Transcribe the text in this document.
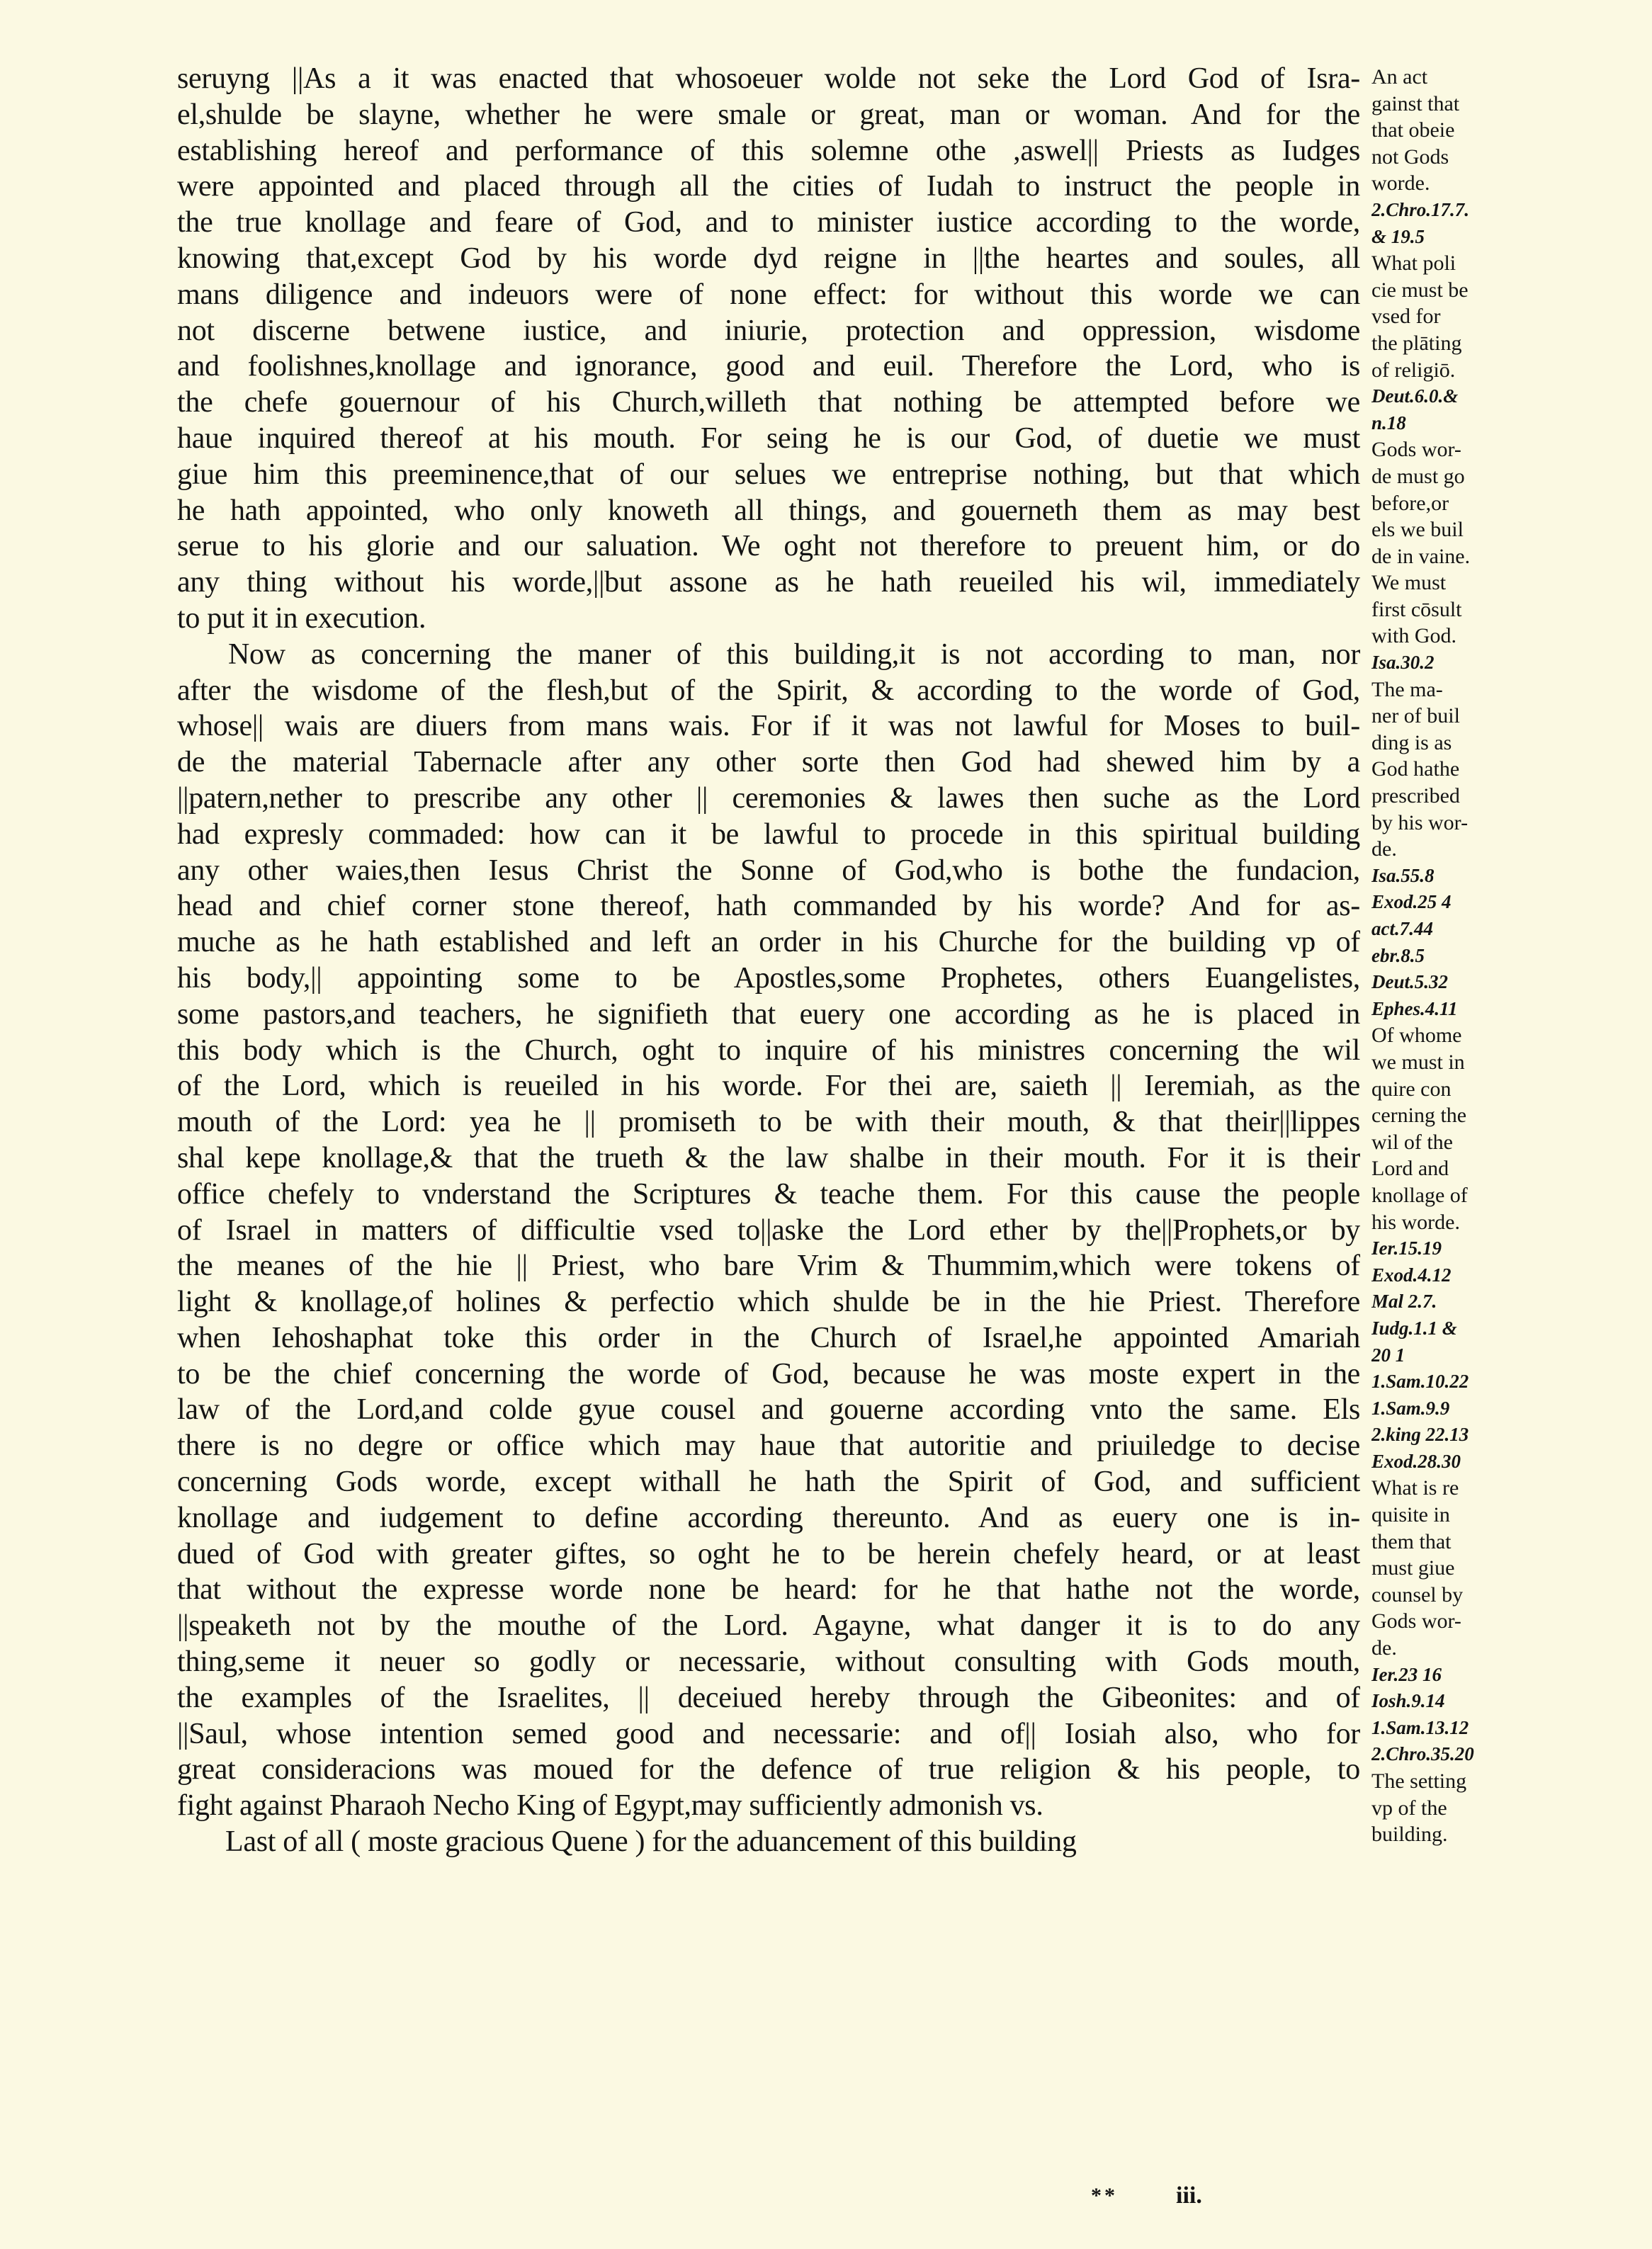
seruyng ||As a it was enacted that whosoeuer wolde not seke the Lord God of Isra-
el,shulde be slayne, whether he were smale or great, man or woman. And for the
establishing hereof and performance of this solemne othe ,aswel|| Priests as Iudges
were appointed and placed through all the cities of Iudah to instruct the people in
the true knollage and feare of God, and to minister iustice according to the worde,
knowing that,except God by his worde dyd reigne in ||the heartes and soules, all
mans diligence and indeuors were of none effect: for without this worde we can
not discerne betwene iustice, and iniurie, protection and oppression, wisdome
and foolishnes,knollage and ignorance, good and euil. Therefore the Lord, who is
the chefe gouernour of his Church,willeth that nothing be attempted before we
haue inquired thereof at his mouth. For seing he is our God, of duetie we must
giue him this preeminence,that of our selues we entreprise nothing, but that which
he hath appointed, who only knoweth all things, and gouerneth them as may best
serue to his glorie and our saluation. We oght not therefore to preuent him, or do
any thing without his worde,||but assone as he hath reueiled his wil, immediately
to put it in execution.
Now as concerning the maner of this building,it is not according to man, nor
after the wisdome of the flesh,but of the Spirit, & according to the worde of God,
whose|| wais are diuers from mans wais. For if it was not lawful for Moses to buil-
de the material Tabernacle after any other sorte then God had shewed him by a
||patern,nether to prescribe any other || ceremonies & lawes then suche as the Lord
had expresly commaded: how can it be lawful to procede in this spiritual building
any other waies,then Iesus Christ the Sonne of God,who is bothe the fundacion,
head and chief corner stone thereof, hath commanded by his worde? And for as-
muche as he hath established and left an order in his Churche for the building vp of
his body,|| appointing some to be Apostles,some Prophetes, others Euangelistes,
some pastors,and teachers, he signifieth that euery one according as he is placed in
this body which is the Church, oght to inquire of his ministres concerning the wil
of the Lord, which is reueiled in his worde. For thei are, saieth || Ieremiah, as the
mouth of the Lord: yea he || promiseth to be with their mouth, & that their||lippes
shal kepe knollage,& that the trueth & the law shalbe in their mouth. For it is their
office chefely to vnderstand the Scriptures & teache them. For this cause the people
of Israel in matters of difficultie vsed to||aske the Lord ether by the||Prophets,or by
the meanes of the hie || Priest, who bare Vrim & Thummim,which were tokens of
light & knollage,of holines & perfectio which shulde be in the hie Priest. Therefore
when Iehoshaphat toke this order in the Church of Israel,he appointed Amariah
to be the chief concerning the worde of God, because he was moste expert in the
law of the Lord,and colde gyue cousel and gouerne according vnto the same. Els
there is no degre or office which may haue that autoritie and priuiledge to decise
concerning Gods worde, except withall he hath the Spirit of God, and sufficient
knollage and iudgement to define according thereunto. And as euery one is in-
dued of God with greater giftes, so oght he to be herein chefely heard, or at least
that without the expresse worde none be heard: for he that hathe not the worde,
||speaketh not by the mouthe of the Lord. Agayne, what danger it is to do any
thing,seme it neuer so godly or necessarie, without consulting with Gods mouth,
the examples of the Israelites, || deceiued hereby through the Gibeonites: and of
||Saul, whose intention semed good and necessarie: and of|| Iosiah also, who for
great consideracions was moued for the defence of true religion & his people, to
fight against Pharaoh Necho King of Egypt,may sufficiently admonish vs.
Last of all ( moste gracious Quene ) for the aduancement of this building
An act
gainst that
that obeie
not Gods
worde.
2.Chro.17.7.
& 19.5
What poli
cie must be
vsed for
the plāting
of religiō.
Deut.6.0.&
n.18
Gods wor-
de must go
before,or
els we buil
de in vaine.
We must
first cōsult
with God.
Isa.30.2
The ma-
ner of buil
ding is as
God hathe
prescribed
by his wor-
de.
Isa.55.8
Exod.25 4
act.7.44
ebr.8.5
Deut.5.32
Ephes.4.11
Of whome
we must in
quire con
cerning the
wil of the
Lord and
knollage of
his worde.
Ier.15.19
Exod.4.12
Mal 2.7.
Iudg.1.1 &
20 1
1.Sam.10.22
1.Sam.9.9
2.king 22.13
Exod.28.30
What is re
quisite in
them that
must giue
counsel by
Gods wor-
de.
Ier.23 16
Iosh.9.14
1.Sam.13.12
2.Chro.35.20
The setting
vp of the
building.
** iii.
